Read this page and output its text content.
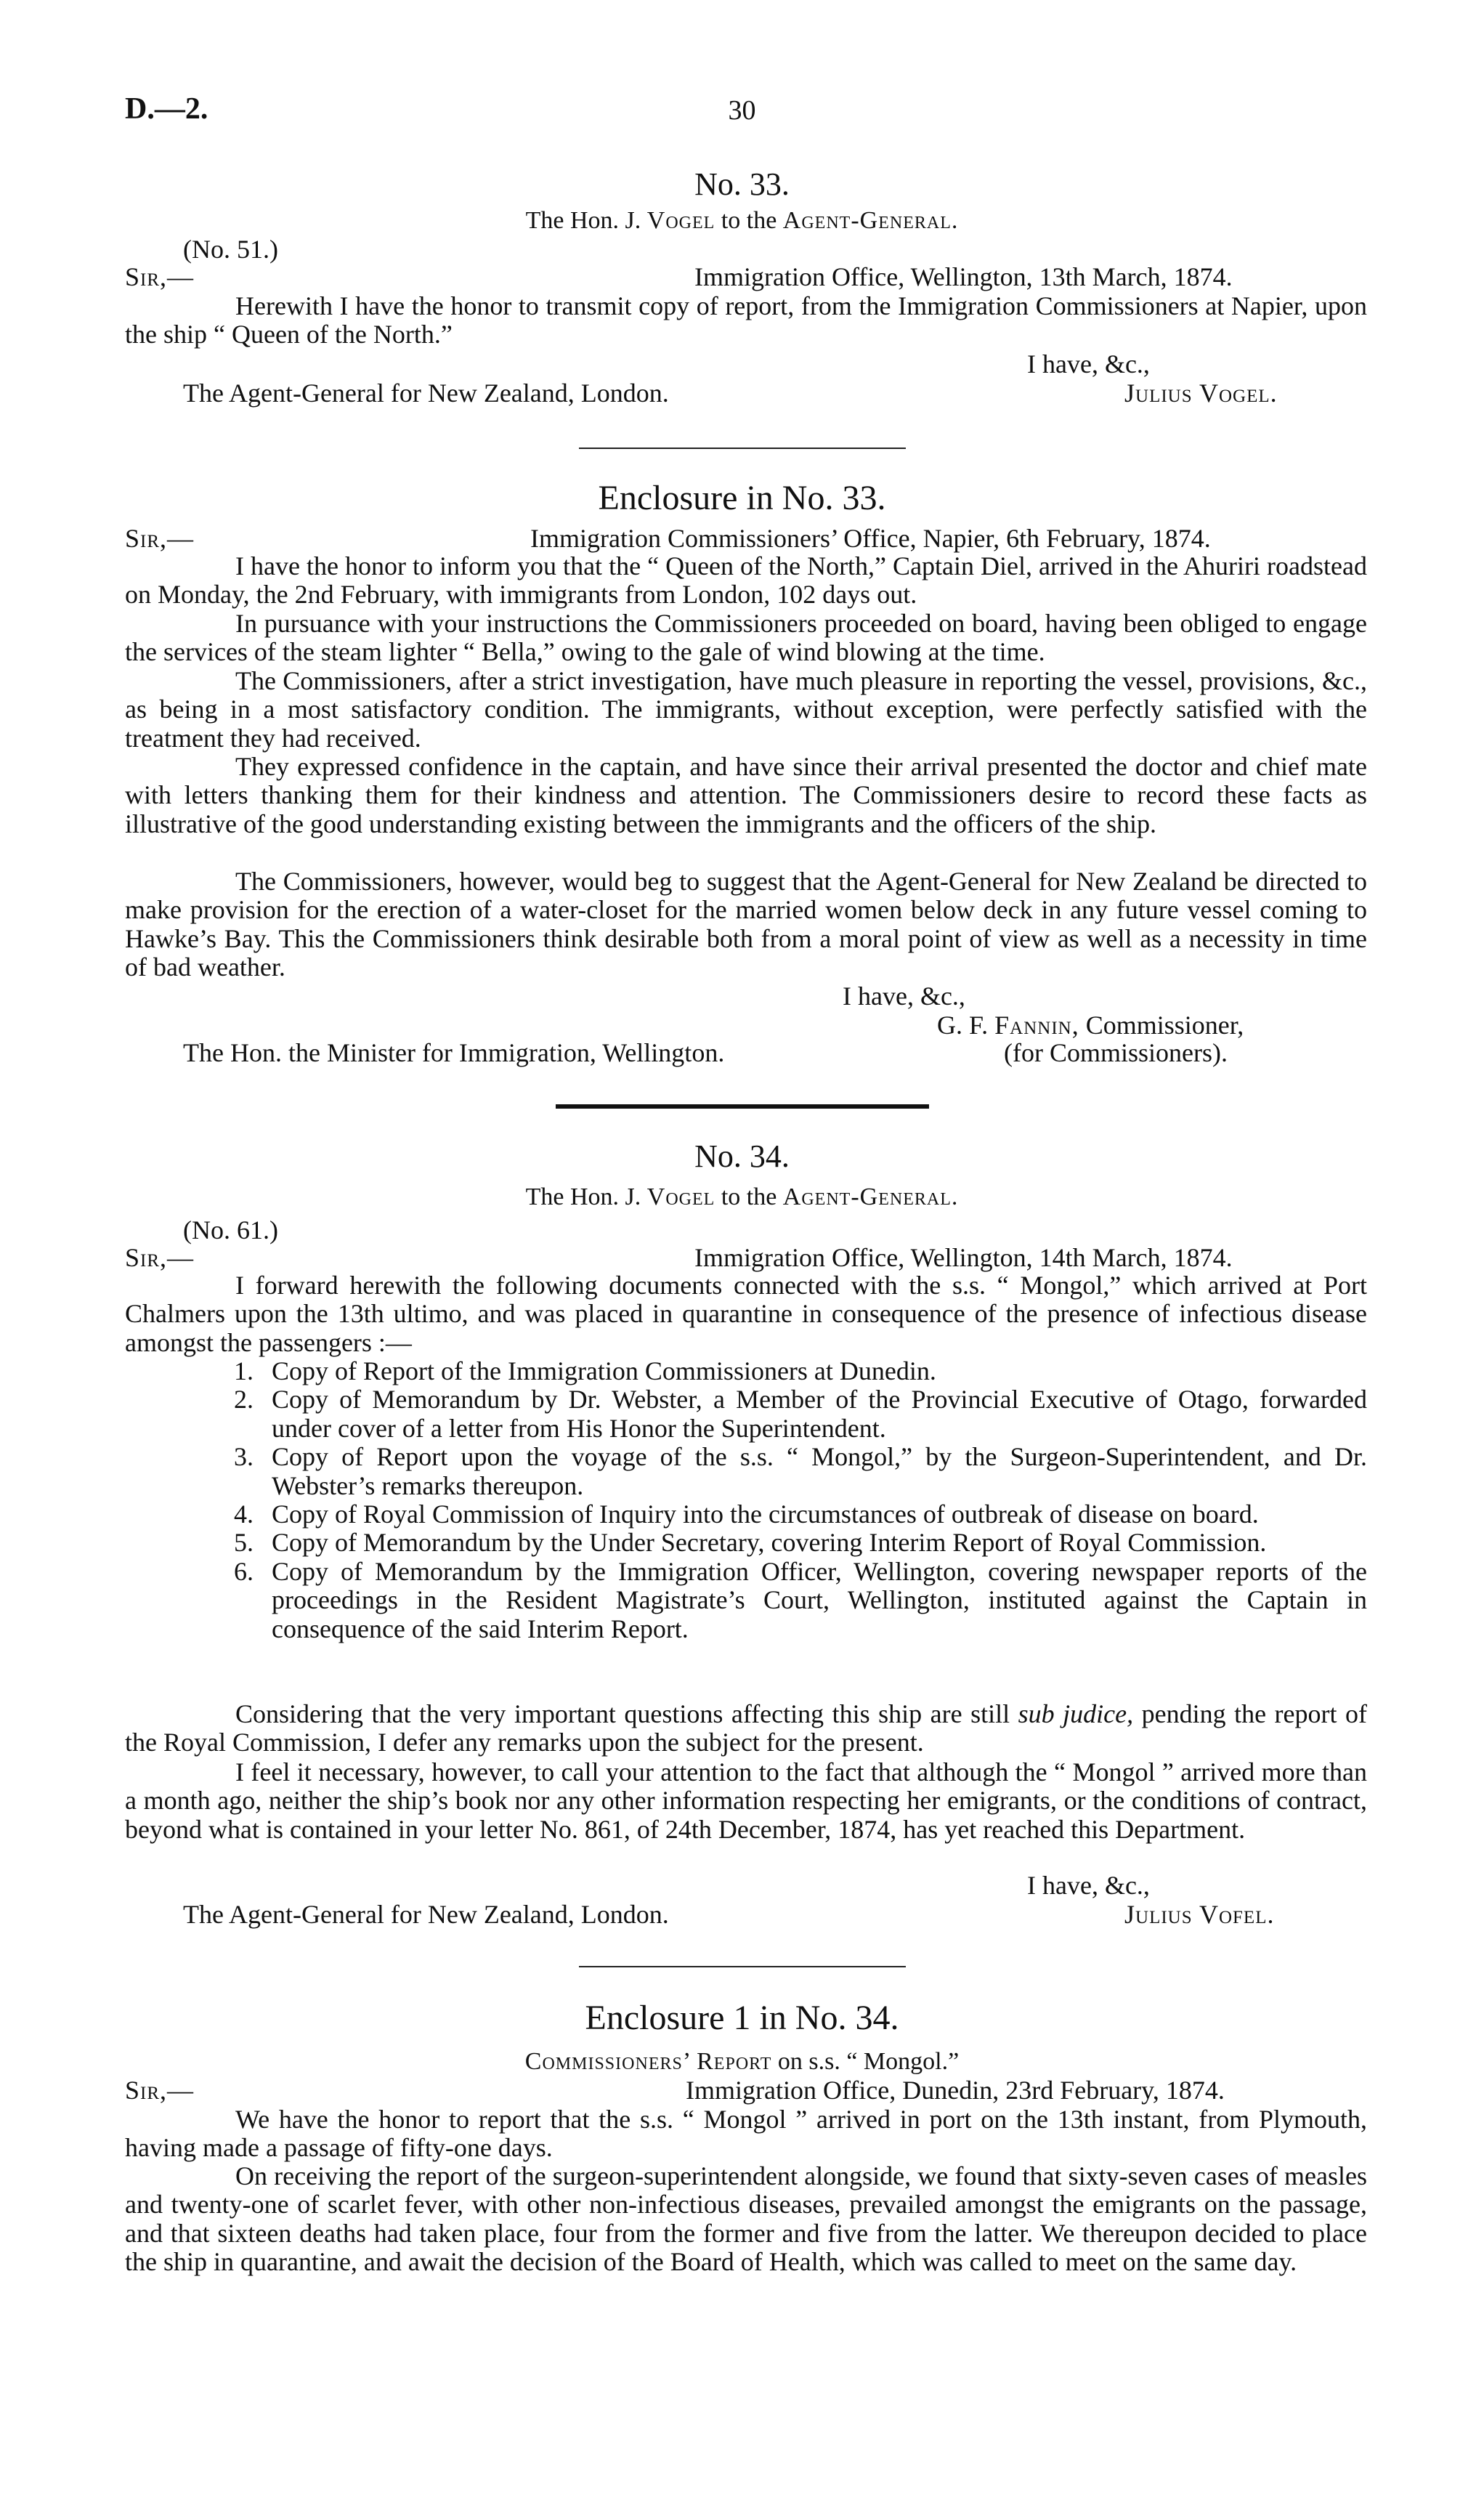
D.—2.	30
No. 33.
The Hon. J. Vogel to the Agent-General.
(No. 51.)
Sir,—	Immigration Office, Wellington, 13th March, 1874.

Herewith I have the honor to transmit copy of report, from the Immigration Commissioners at Napier, upon the ship “ Queen of the North.”

I have, &c.,
The Agent-General for New Zealand, London.	Julius Vogel.
Enclosure in No. 33.
Sir,—	Immigration Commissioners’ Office, Napier, 6th February, 1874.

I have the honor to inform you that the “ Queen of the North,” Captain Diel, arrived in the Ahuriri roadstead on Monday, the 2nd February, with immigrants from London, 102 days out.

In pursuance with your instructions the Commissioners proceeded on board, having been obliged to engage the services of the steam lighter “ Bella,” owing to the gale of wind blowing at the time.

The Commissioners, after a strict investigation, have much pleasure in reporting the vessel, provisions, &c., as being in a most satisfactory condition. The immigrants, without exception, were perfectly satisfied with the treatment they had received.

They expressed confidence in the captain, and have since their arrival presented the doctor and chief mate with letters thanking them for their kindness and attention. The Commissioners desire to record these facts as illustrative of the good understanding existing between the immigrants and the officers of the ship.

The Commissioners, however, would beg to suggest that the Agent-General for New Zealand be directed to make provision for the erection of a water-closet for the married women below deck in any future vessel coming to Hawke’s Bay. This the Commissioners think desirable both from a moral point of view as well as a necessity in time of bad weather.

I have, &c.,
G. F. Fannin, Commissioner,
The Hon. the Minister for Immigration, Wellington.	(for Commissioners).
No. 34.
The Hon. J. Vogel to the Agent-General.
(No. 61.)
Sir,—	Immigration Office, Wellington, 14th March, 1874.

I forward herewith the following documents connected with the s.s. “ Mongol,” which arrived at Port Chalmers upon the 13th ultimo, and was placed in quarantine in consequence of the presence of infectious disease amongst the passengers :—

1. Copy of Report of the Immigration Commissioners at Dunedin.
2. Copy of Memorandum by Dr. Webster, a Member of the Provincial Executive of Otago, forwarded under cover of a letter from His Honor the Superintendent.
3. Copy of Report upon the voyage of the s.s. “ Mongol,” by the Surgeon-Superintendent, and Dr. Webster’s remarks thereupon.
4. Copy of Royal Commission of Inquiry into the circumstances of outbreak of disease on board.
5. Copy of Memorandum by the Under Secretary, covering Interim Report of Royal Commission.
6. Copy of Memorandum by the Immigration Officer, Wellington, covering newspaper reports of the proceedings in the Resident Magistrate’s Court, Wellington, instituted against the Captain in consequence of the said Interim Report.

Considering that the very important questions affecting this ship are still sub judice, pending the report of the Royal Commission, I defer any remarks upon the subject for the present.

I feel it necessary, however, to call your attention to the fact that although the “ Mongol ” arrived more than a month ago, neither the ship’s book nor any other information respecting her emigrants, or the conditions of contract, beyond what is contained in your letter No. 861, of 24th December, 1874, has yet reached this Department.

I have, &c.,
The Agent-General for New Zealand, London.	Julius Vofel.
Enclosure 1 in No. 34.
Commissioners’ Report on s.s. “ Mongol.”
Sir,—	Immigration Office, Dunedin, 23rd February, 1874.

We have the honor to report that the s.s. “ Mongol ” arrived in port on the 13th instant, from Plymouth, having made a passage of fifty-one days.

On receiving the report of the surgeon-superintendent alongside, we found that sixty-seven cases of measles and twenty-one of scarlet fever, with other non-infectious diseases, prevailed amongst the emigrants on the passage, and that sixteen deaths had taken place, four from the former and five from the latter. We thereupon decided to place the ship in quarantine, and await the decision of the Board of Health, which was called to meet on the same day.
